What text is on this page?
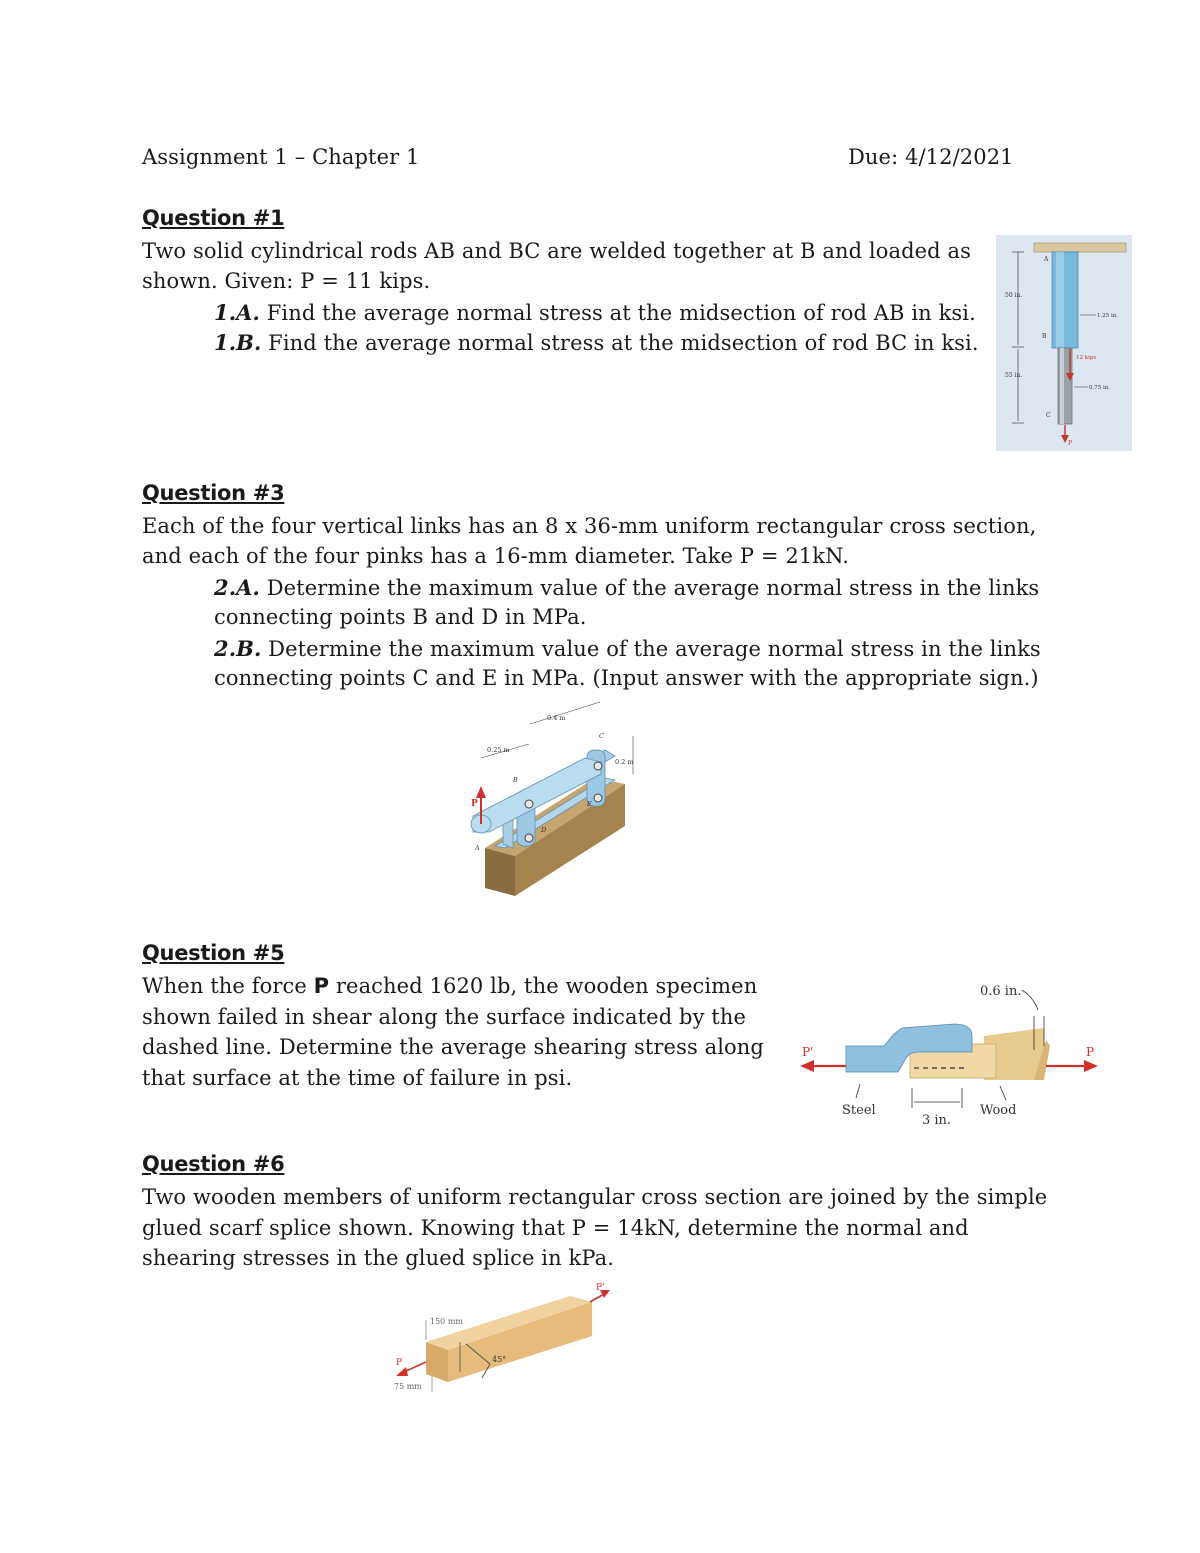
Assignment 1 – Chapter 1	Due: 4/12/2021
Question #1
Two solid cylindrical rods AB and BC are welded together at B and loaded as
shown. Given: P = 11 kips.
1.A. Find the average normal stress at the midsection of rod AB in ksi.
1.B. Find the average normal stress at the midsection of rod BC in ksi.
50 in.
55 in.
A
B
C
1.25 in.
0.75 in.
12 kips
P
Question #3
Each of the four vertical links has an 8 x 36-mm uniform rectangular cross section,
and each of the four pinks has a 16-mm diameter. Take P = 21kN.
2.A. Determine the maximum value of the average normal stress in the links
connecting points B and D in MPa.
2.B. Determine the maximum value of the average normal stress in the links
connecting points C and E in MPa. (Input answer with the appropriate sign.)
P
0.4 m
0.25 m
0.2 m
B
C
D
E
A
Question #5
When the force P reached 1620 lb, the wooden specimen
shown failed in shear along the surface indicated by the
dashed line. Determine the average shearing stress along
that surface at the time of failure in psi.
P'	P
0.6 in.
3 in.
Steel	Wood
Question #6
Two wooden members of uniform rectangular cross section are joined by the simple
glued scarf splice shown. Knowing that P = 14kN, determine the normal and
shearing stresses in the glued splice in kPa.
45°
150 mm
75 mm
P
P'
